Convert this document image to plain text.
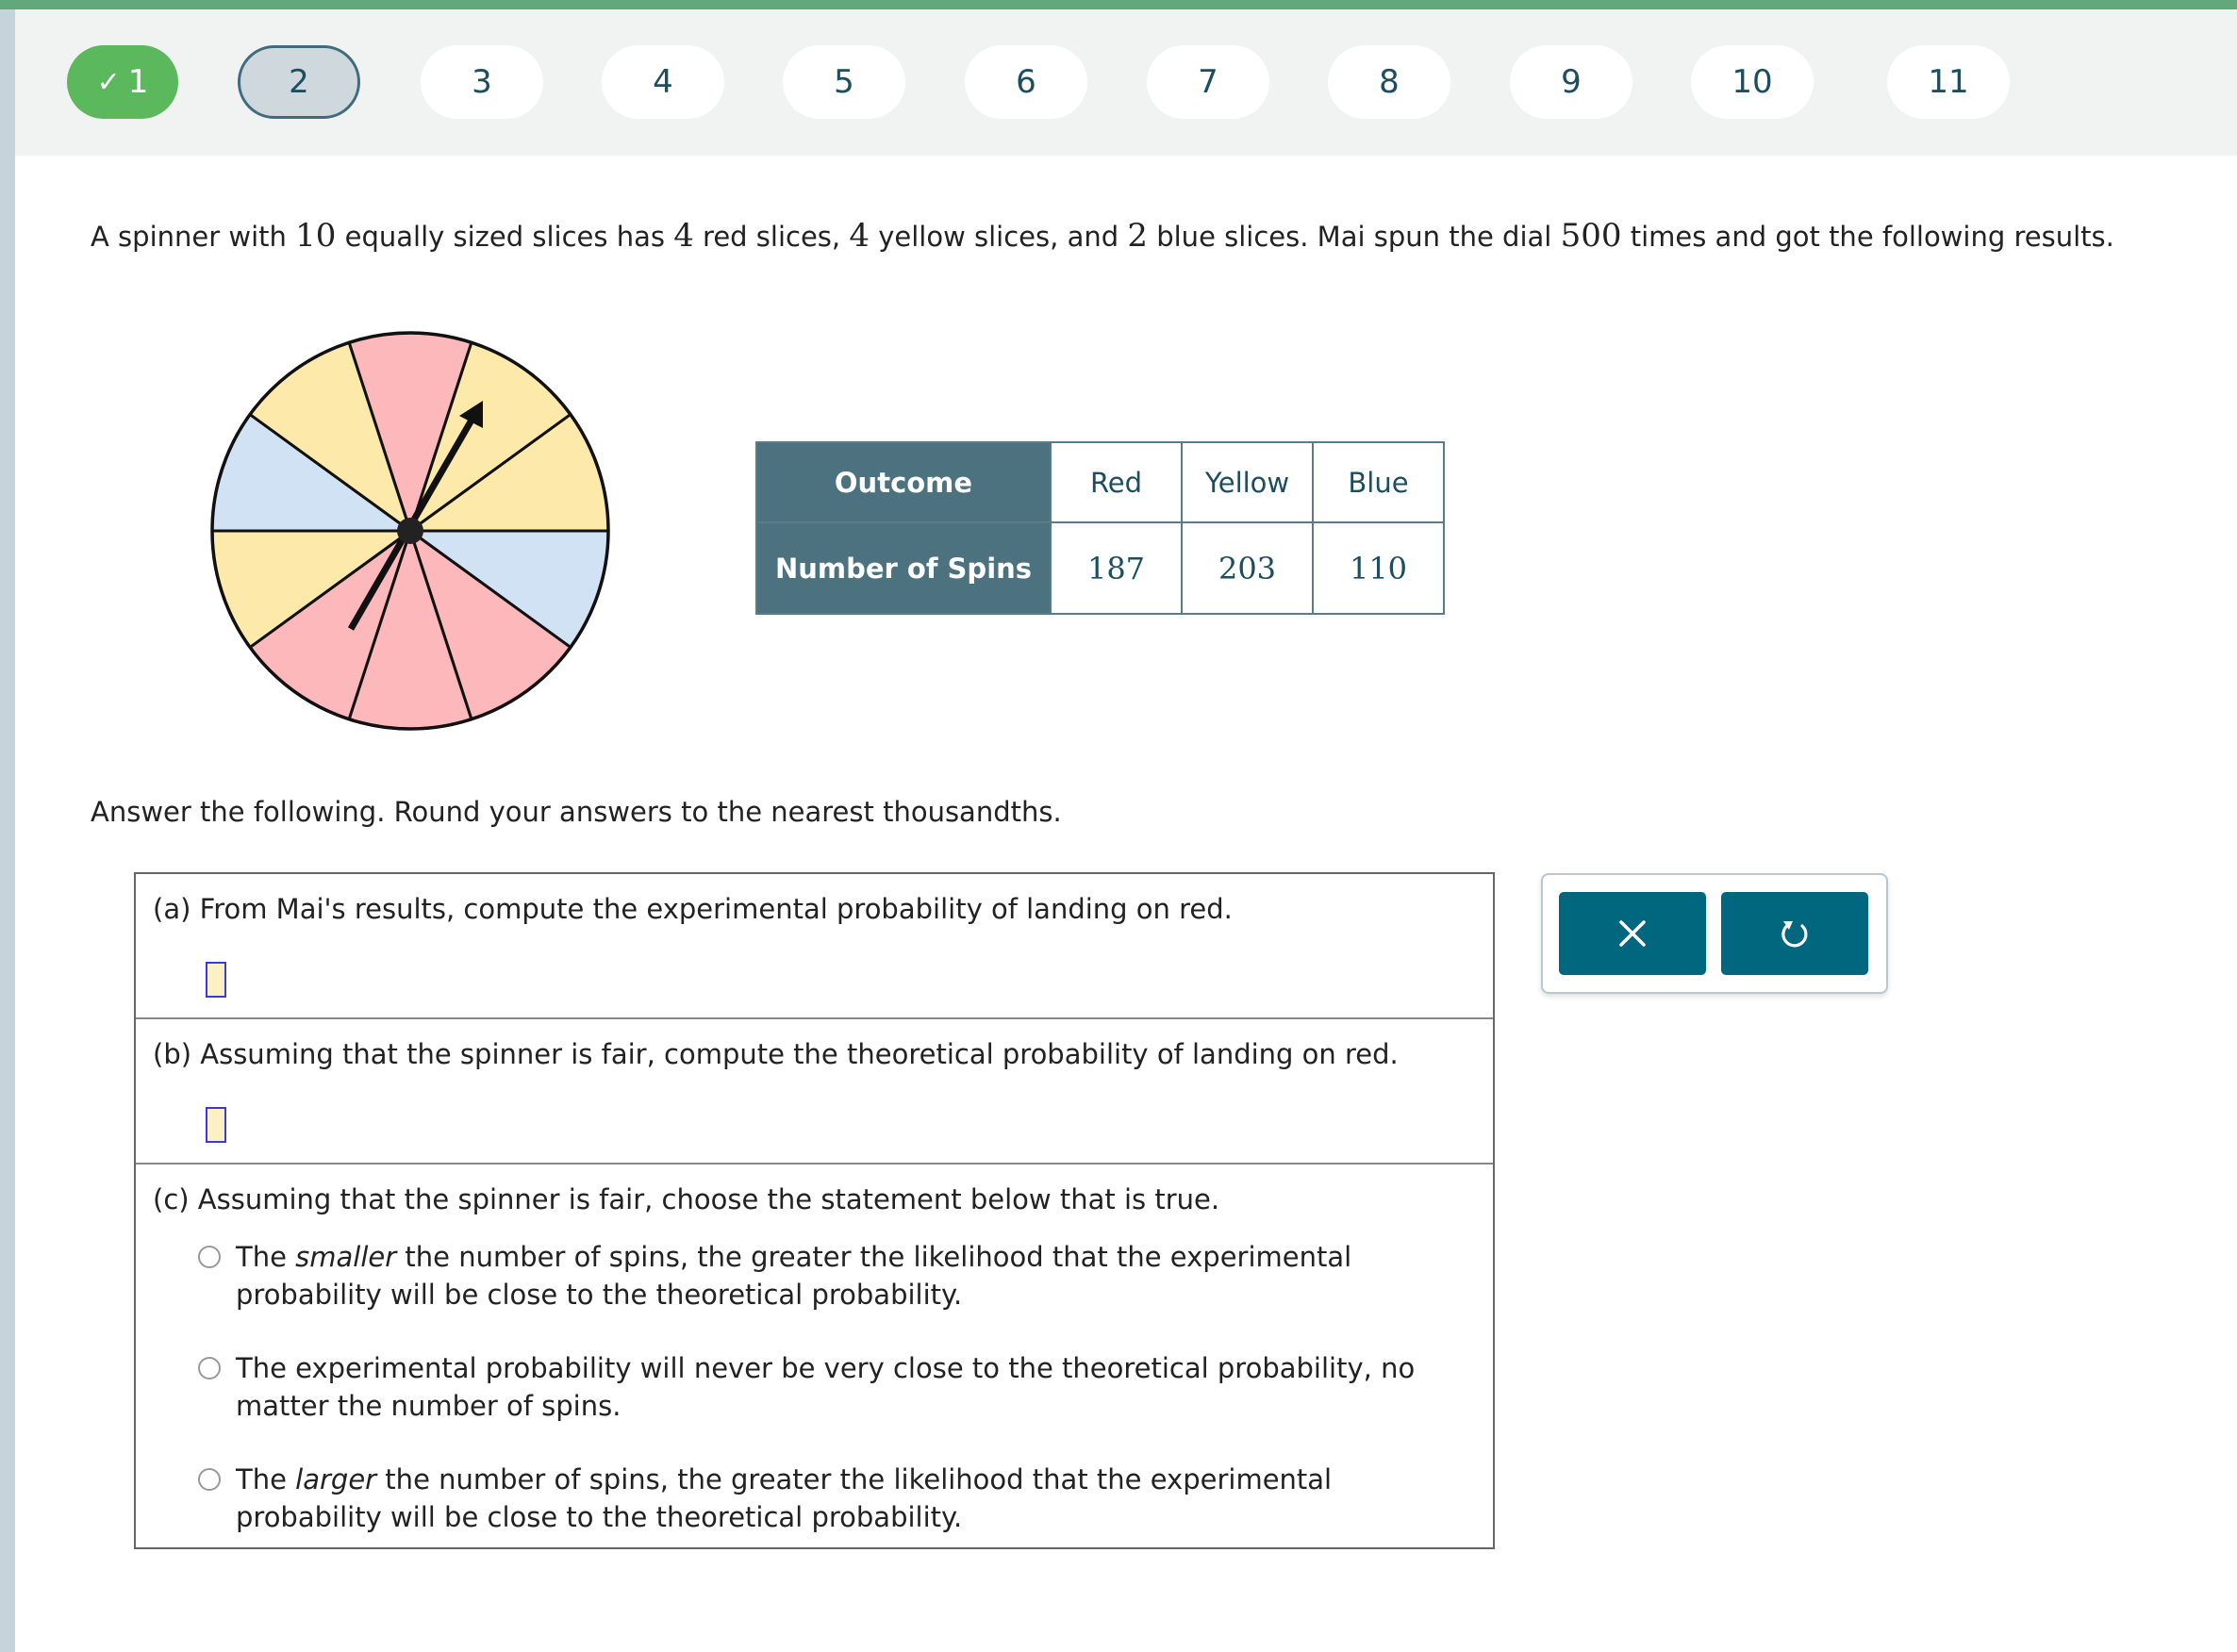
✓ 1	2	3	4	5	6	7	8	9	10	11
A spinner with 10 equally sized slices has 4 red slices, 4 yellow slices, and 2 blue slices. Mai spun the dial 500 times and got the following results.
Outcome	Red	Yellow	Blue
Number of Spins	187	203	110
Answer the following. Round your answers to the nearest thousandths.
(a) From Mai's results, compute the experimental probability of landing on red.
(b) Assuming that the spinner is fair, compute the theoretical probability of landing on red.
(c) Assuming that the spinner is fair, choose the statement below that is true.
The smaller the number of spins, the greater the likelihood that the experimental probability will be close to the theoretical probability.
The experimental probability will never be very close to the theoretical probability, no matter the number of spins.
The larger the number of spins, the greater the likelihood that the experimental probability will be close to the theoretical probability.
